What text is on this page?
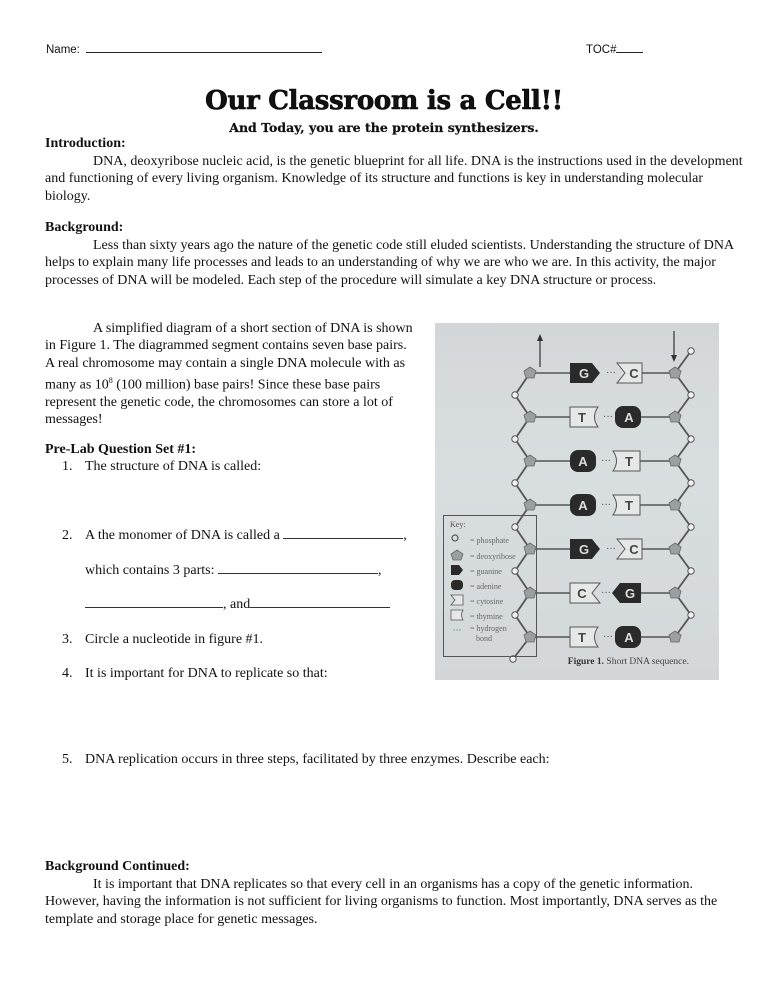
Name:	TOC#
Our Classroom is a Cell!!
And Today, you are the protein synthesizers.
Introduction:
DNA, deoxyribose nucleic acid, is the genetic blueprint for all life. DNA is the instructions used in the development and functioning of every living organism. Knowledge of its structure and functions is key in understanding molecular biology.
Background:
Less than sixty years ago the nature of the genetic code still eluded scientists. Understanding the structure of DNA helps to explain many life processes and leads to an understanding of why we are who we are. In this activity, the major processes of DNA will be modeled. Each step of the procedure will simulate a key DNA structure or process.
A simplified diagram of a short section of DNA is shown in Figure 1. The diagrammed segment contains seven base pairs. A real chromosome may contain a single DNA molecule with as many as $10^8$ (100 million) base pairs! Since these base pairs represent the genetic code, the chromosomes can store a lot of messages!
Pre-Lab Question Set #1:
1. The structure of DNA is called:
2. A the monomer of DNA is called a	,
which contains 3 parts:	,
, and
3. Circle a nucleotide in figure #1.
4. It is important for DNA to replicate so that:
5. DNA replication occurs in three steps, facilitated by three enzymes. Describe each:
G ··· C
T ··· A
A ··· T
A ··· T
G ··· C
C ··· G
T ··· A
Key:
= phosphate
= deoxyribose
= guanine
= adenine
= cytosine
= thymine
···	= hydrogen
bond
Figure 1. Short DNA sequence.
Background Continued:
It is important that DNA replicates so that every cell in an organisms has a copy of the genetic information. However, having the information is not sufficient for living organisms to function. Most importantly, DNA serves as the template and storage place for genetic messages.
